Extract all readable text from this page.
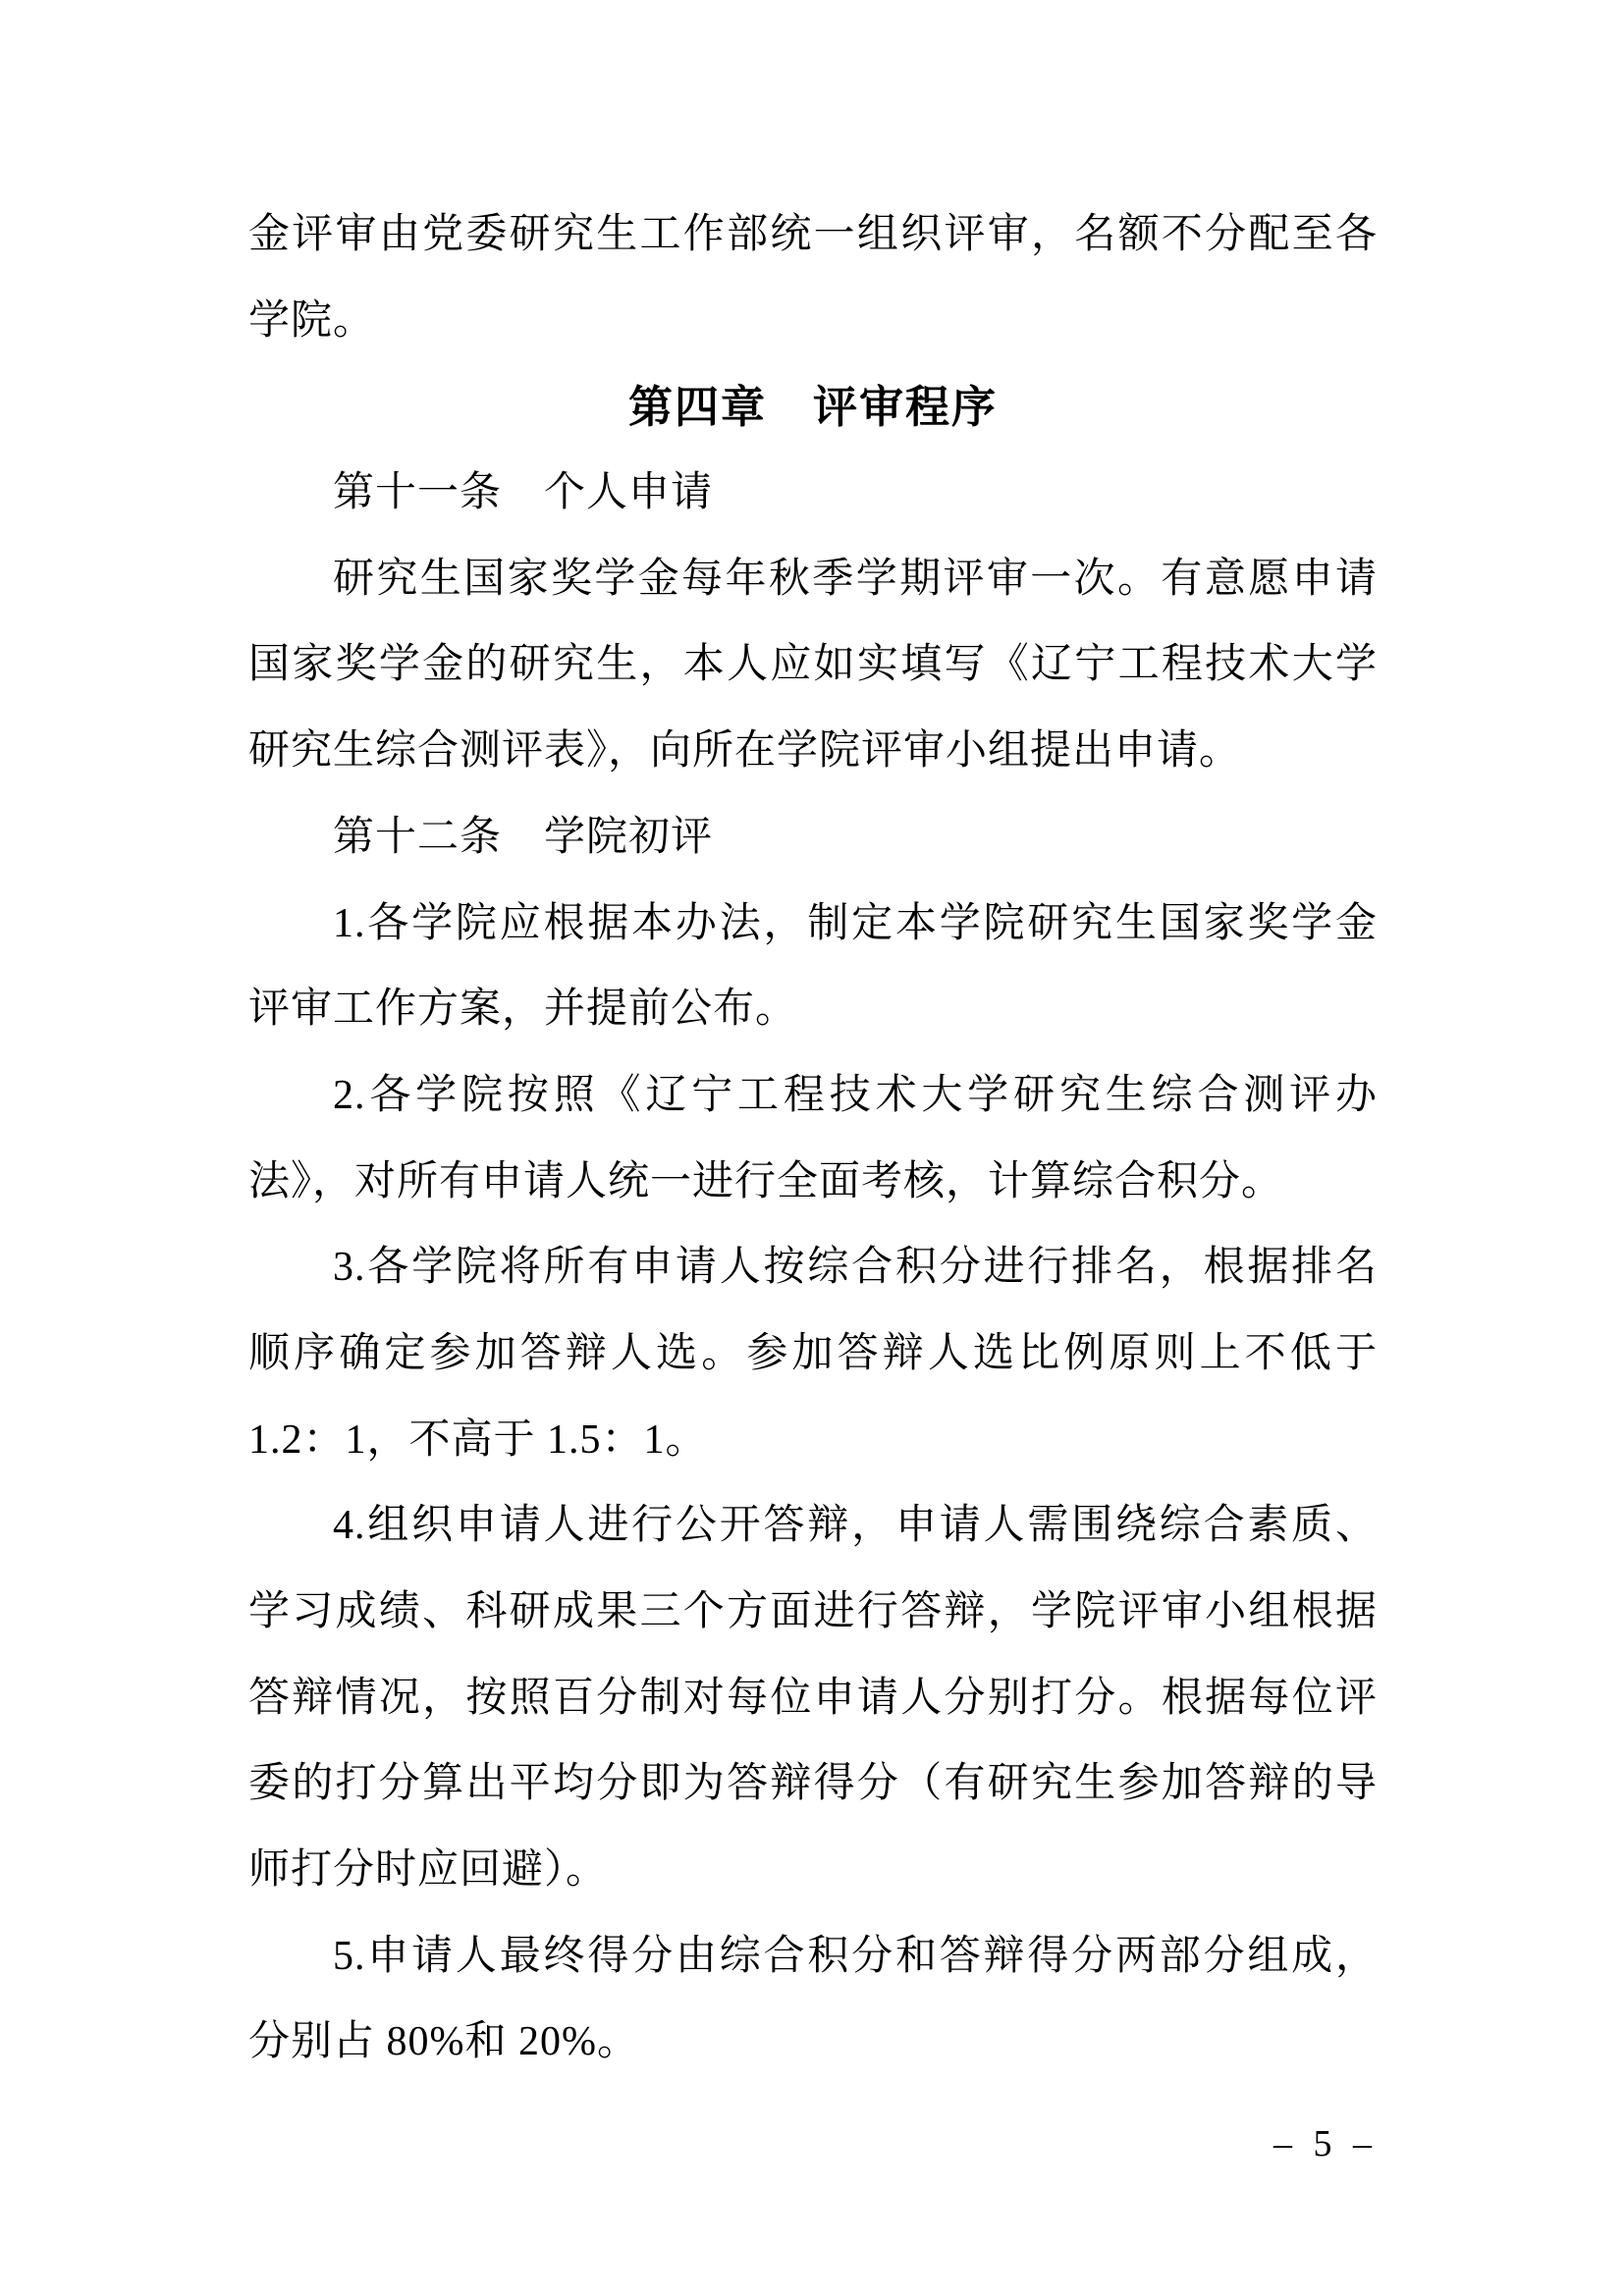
金评审由党委研究生工作部统一组织评审，名额不分配至各
学院。
第四章　评审程序
第十一条　个人申请
研究生国家奖学金每年秋季学期评审一次。有意愿申请
国家奖学金的研究生，本人应如实填写《辽宁工程技术大学
研究生综合测评表》，向所在学院评审小组提出申请。
第十二条　学院初评
1.各学院应根据本办法，制定本学院研究生国家奖学金
评审工作方案，并提前公布。
2.各学院按照《辽宁工程技术大学研究生综合测评办
法》，对所有申请人统一进行全面考核，计算综合积分。
3.各学院将所有申请人按综合积分进行排名，根据排名
顺序确定参加答辩人选。参加答辩人选比例原则上不低于
1.2：1，不高于 1.5：1。
4.组织申请人进行公开答辩，申请人需围绕综合素质、
学习成绩、科研成果三个方面进行答辩，学院评审小组根据
答辩情况，按照百分制对每位申请人分别打分。根据每位评
委的打分算出平均分即为答辩得分（有研究生参加答辩的导
师打分时应回避）。
5.申请人最终得分由综合积分和答辩得分两部分组成，
分别占 80%和 20%。
– 5 –
